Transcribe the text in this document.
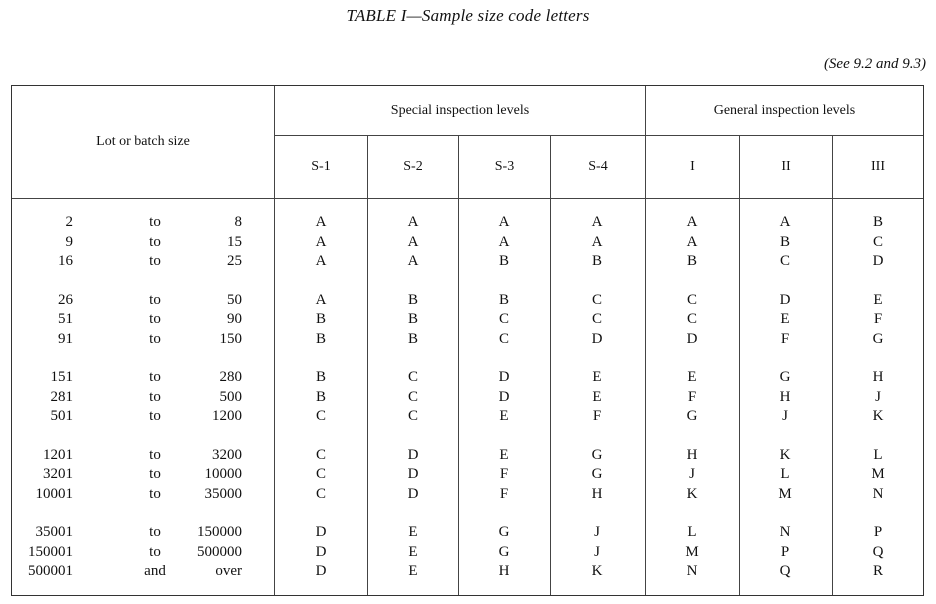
TABLE I—Sample size code letters
(See 9.2 and 9.3)
Lot or batch size
Special inspection levels	General inspection levels
S-1	S-2	S-3	S-4	I	II	III
2	to	8	A	A	A	A	A	A	B
9	to	15	A	A	A	A	A	B	C
16	to	25	A	A	B	B	B	C	D
26	to	50	A	B	B	C	C	D	E
51	to	90	B	B	C	C	C	E	F
91	to	150	B	B	C	D	D	F	G
151	to	280	B	C	D	E	E	G	H
281	to	500	B	C	D	E	F	H	J
501	to	1200	C	C	E	F	G	J	K
1201	to	3200	C	D	E	G	H	K	L
3201	to	10000	C	D	F	G	J	L	M
10001	to	35000	C	D	F	H	K	M	N
35001	to	150000	D	E	G	J	L	N	P
150001	to	500000	D	E	G	J	M	P	Q
500001	and	over	D	E	H	K	N	Q	R
